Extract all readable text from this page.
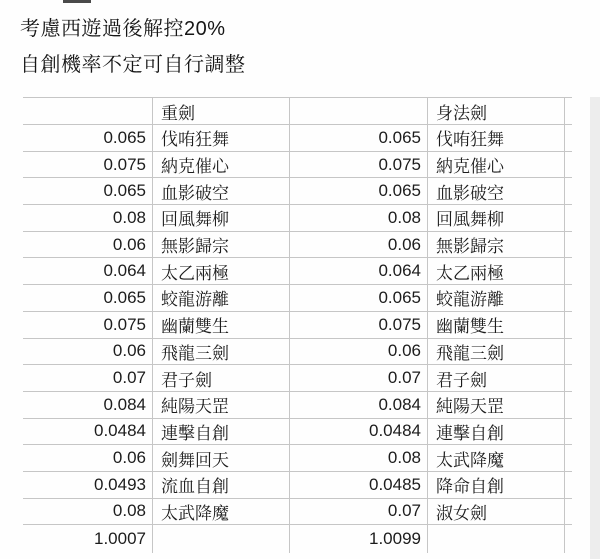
考慮西遊過後解控20%
自創機率不定可自行調整
重劍	身法劍
0.065 伐哊狂舞	0.065 伐哊狂舞
0.075 納克催心	0.075 納克催心
0.065 血影破空	0.065 血影破空
0.08 回風舞柳	0.08 回風舞柳
0.06 無影歸宗	0.06 無影歸宗
0.064 太乙兩極	0.064 太乙兩極
0.065 蛟龍游離	0.065 蛟龍游離
0.075 幽蘭雙生	0.075 幽蘭雙生
0.06 飛龍三劍	0.06 飛龍三劍
0.07 君子劍	0.07 君子劍
0.084 純陽天罡	0.084 純陽天罡
0.0484 連擊自創	0.0484 連擊自創
0.06 劍舞回天	0.08 太武降魔
0.0493 流血自創	0.0485 降命自創
0.08 太武降魔	0.07 淑女劍
1.0007	1.0099
